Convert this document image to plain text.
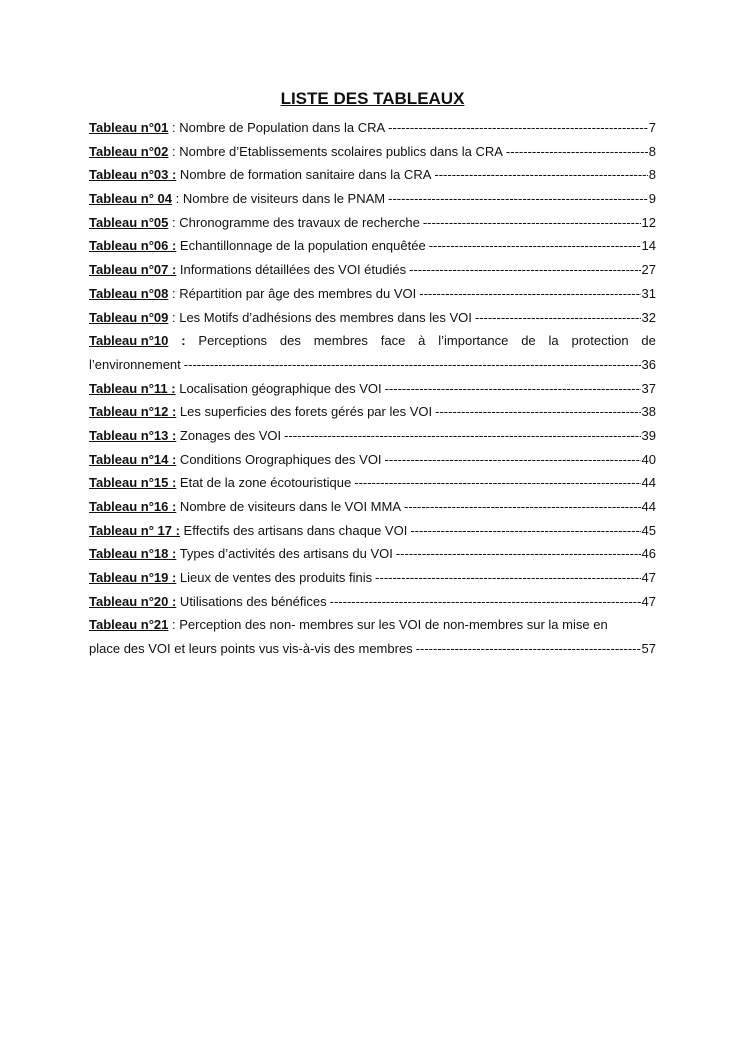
LISTE DES TABLEAUX
Tableau n°01 : Nombre de Population dans la CRA -----	7
Tableau n°02 : Nombre d’Etablissements scolaires publics dans la CRA -----	8
Tableau n°03 : Nombre de formation sanitaire dans la CRA -----	8
Tableau n° 04 : Nombre de visiteurs dans le PNAM -----	9
Tableau n°05 : Chronogramme des travaux de recherche -----	12
Tableau n°06 : Echantillonnage de la population enquêtée -----	14
Tableau n°07 : Informations détaillées des VOI étudiés -----	27
Tableau n°08 : Répartition par âge des membres du VOI -----	31
Tableau n°09 : Les Motifs d’adhésions des membres dans les VOI -----	32
Tableau n°10 : Perceptions des membres face à l’importance de la protection de
l’environnement -----	36
Tableau n°11 : Localisation géographique des VOI -----	37
Tableau n°12 : Les superficies des forets gérés par les VOI -----	38
Tableau n°13 : Zonages des VOI -----	39
Tableau n°14 : Conditions Orographiques des VOI -----	40
Tableau n°15 : Etat de la zone écotouristique -----	44
Tableau n°16 : Nombre de visiteurs dans le VOI MMA -----	44
Tableau n° 17 : Effectifs des artisans dans chaque VOI -----	45
Tableau n°18 : Types d’activités des artisans du VOI -----	46
Tableau n°19 : Lieux de ventes des produits finis -----	47
Tableau n°20 : Utilisations des bénéfices -----	47
Tableau n°21 : Perception des non- membres sur les VOI de non-membres sur la mise en
place des VOI et leurs points vus vis-à-vis des membres -----	57
